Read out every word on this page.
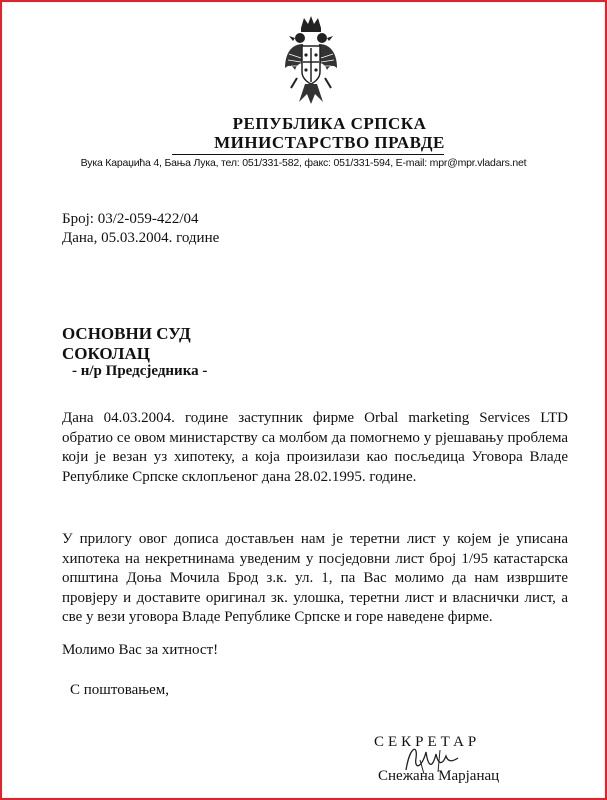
РЕПУБЛИКА СРПСКА
МИНИСТАРСТВО ПРАВДЕ
Вука Караџића 4, Бања Лука, тел: 051/331-582, факс: 051/331-594, E-mail: mpr@mpr.vladars.net
Број: 03/2-059-422/04
Дана, 05.03.2004. године
ОСНОВНИ СУД
СОКОЛАЦ
- н/р Предсједника -
Дана 04.03.2004. године заступник фирме Orbal marketing Services LTD обратио се овом министарству са молбом да помогнемо у рјешавању проблема који је везан уз хипотеку, а која произилази као посљедица Уговора Владе Републике Српске склопљеног дана 28.02.1995. године.
У прилогу овог дописа достављен нам је теретни лист у којем је уписана хипотека на некретнинама уведеним у посједовни лист број 1/95 катастарска општина Доња Мочила Брод з.к. ул. 1, па Вас молимо да нам извршите провјеру и доставите оригинал зк. улошка, теретни лист и власнички лист, а све у вези уговора Владе Републике Српске и горе наведене фирме.
Молимо Вас за хитност!
С поштовањем,
СЕКРЕТАР
Снежана Марјанац
